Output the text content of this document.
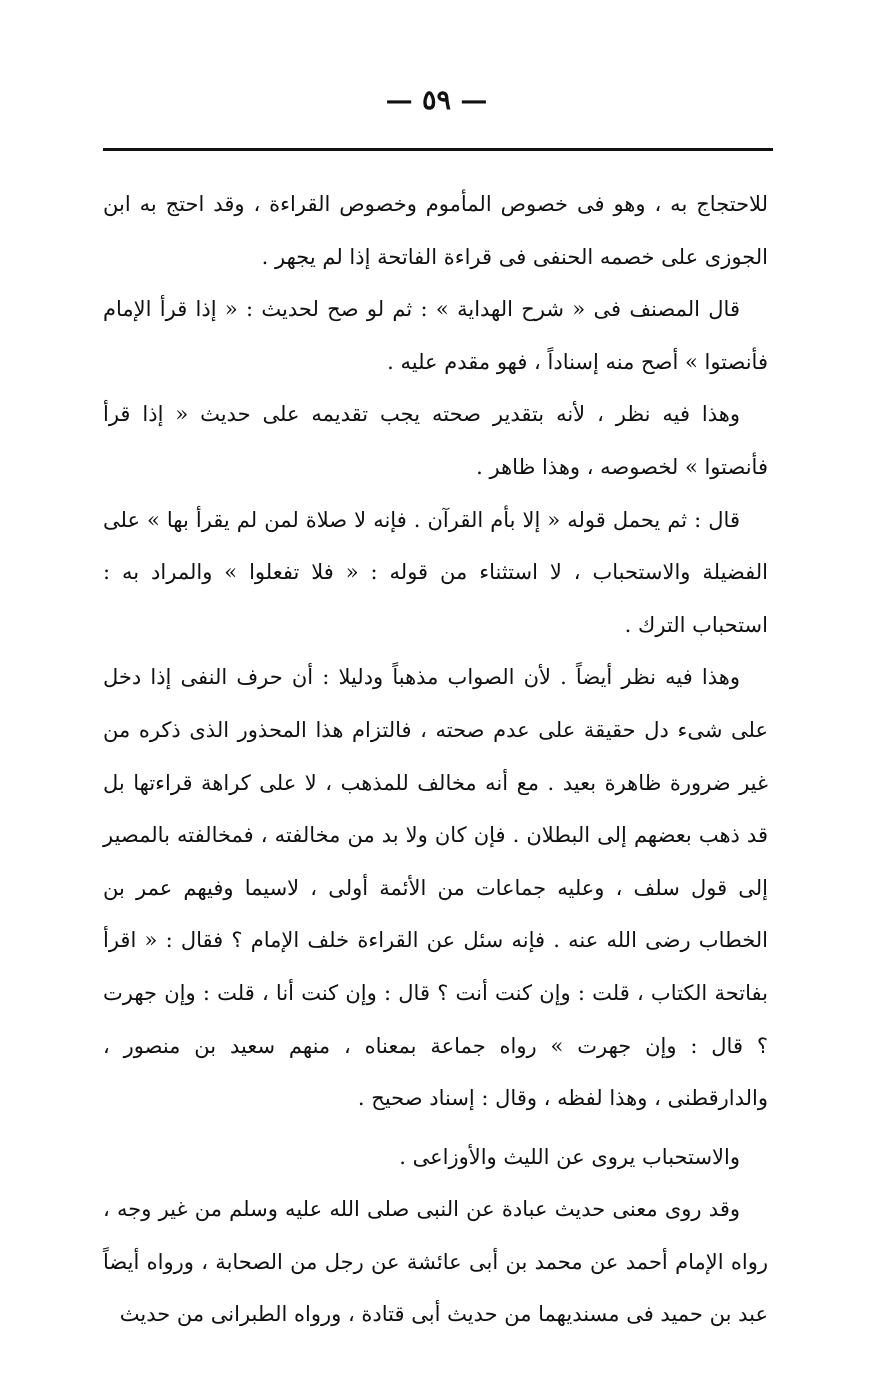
— ٥٩ —

للاحتجاج به ، وهو فى خصوص المأموم وخصوص القراءة ، وقد احتج به ابن الجوزى على خصمه الحنفى فى قراءة الفاتحة إذا لم يجهر .

قال المصنف فى « شرح الهداية » : ثم لو صح لحديث : « إذا قرأ الإمام فأنصتوا » أصح منه إسناداً ، فهو مقدم عليه .

وهذا فيه نظر ، لأنه بتقدير صحته يجب تقديمه على حديث « إذا قرأ فأنصتوا » لخصوصه ، وهذا ظاهر .

قال : ثم يحمل قوله « إلا بأم القرآن . فإنه لا صلاة لمن لم يقرأ بها » على الفضيلة والاستحباب ، لا استثناء من قوله : « فلا تفعلوا » والمراد به : استحباب الترك .

وهذا فيه نظر أيضاً . لأن الصواب مذهباً ودليلا : أن حرف النفى إذا دخل على شىء دل حقيقة على عدم صحته ، فالتزام هذا المحذور الذى ذكره من غير ضرورة ظاهرة بعيد . مع أنه مخالف للمذهب ، لا على كراهة قراءتها بل قد ذهب بعضهم إلى البطلان . فإن كان ولا بد من مخالفته ، فمخالفته بالمصير إلى قول سلف ، وعليه جماعات من الأئمة أولى ، لاسيما وفيهم عمر بن الخطاب رضى الله عنه . فإنه سئل عن القراءة خلف الإمام ؟ فقال : « اقرأ بفاتحة الكتاب ، قلت : وإن كنت أنت ؟ قال : وإن كنت أنا ، قلت : وإن جهرت ؟ قال : وإن جهرت » رواه جماعة بمعناه ، منهم سعيد بن منصور ، والدارقطنى ، وهذا لفظه ، وقال : إسناد صحيح .

والاستحباب يروى عن الليث والأوزاعى .

وقد روى معنى حديث عبادة عن النبى صلى الله عليه وسلم من غير وجه ، رواه الإمام أحمد عن محمد بن أبى عائشة عن رجل من الصحابة ، ورواه أيضاً عبد بن حميد فى مسنديهما من حديث أبى قتادة ، ورواه الطبرانى من حديث
